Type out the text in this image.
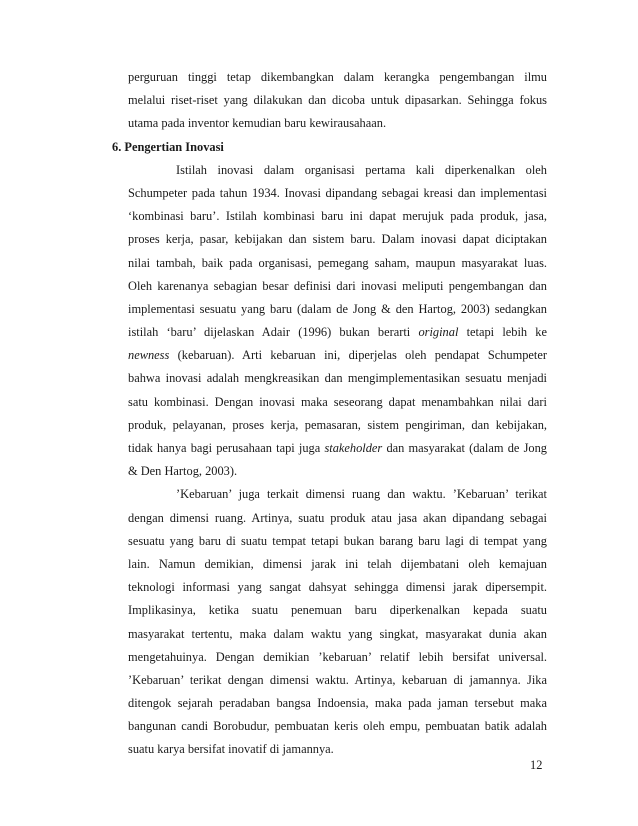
perguruan tinggi tetap dikembangkan dalam kerangka pengembangan ilmu
melalui riset-riset yang dilakukan dan dicoba untuk dipasarkan. Sehingga fokus
utama pada inventor kemudian baru kewirausahaan.
6. Pengertian Inovasi
Istilah inovasi dalam organisasi pertama kali diperkenalkan oleh
Schumpeter pada tahun 1934. Inovasi dipandang sebagai kreasi dan implementasi
‘kombinasi baru’. Istilah kombinasi baru ini dapat merujuk pada produk, jasa,
proses kerja, pasar, kebijakan dan sistem baru. Dalam inovasi dapat diciptakan
nilai tambah, baik pada organisasi, pemegang saham, maupun masyarakat luas.
Oleh karenanya sebagian besar definisi dari inovasi meliputi pengembangan dan
implementasi sesuatu yang baru (dalam de Jong & den Hartog, 2003) sedangkan
istilah ‘baru’ dijelaskan Adair (1996) bukan berarti original tetapi lebih ke
newness (kebaruan). Arti kebaruan ini, diperjelas oleh pendapat Schumpeter
bahwa inovasi adalah mengkreasikan dan mengimplementasikan sesuatu menjadi
satu kombinasi. Dengan inovasi maka seseorang dapat menambahkan nilai dari
produk, pelayanan, proses kerja, pemasaran, sistem pengiriman, dan kebijakan,
tidak hanya bagi perusahaan tapi juga stakeholder dan masyarakat (dalam de Jong
& Den Hartog, 2003).
’Kebaruan’ juga terkait dimensi ruang dan waktu. ’Kebaruan’ terikat
dengan dimensi ruang. Artinya, suatu produk atau jasa akan dipandang sebagai
sesuatu yang baru di suatu tempat tetapi bukan barang baru lagi di tempat yang
lain. Namun demikian, dimensi jarak ini telah dijembatani oleh kemajuan
teknologi informasi yang sangat dahsyat sehingga dimensi jarak dipersempit.
Implikasinya, ketika suatu penemuan baru diperkenalkan kepada suatu
masyarakat tertentu, maka dalam waktu yang singkat, masyarakat dunia akan
mengetahuinya. Dengan demikian ’kebaruan’ relatif lebih bersifat universal.
’Kebaruan’ terikat dengan dimensi waktu. Artinya, kebaruan di jamannya. Jika
ditengok sejarah peradaban bangsa Indoensia, maka pada jaman tersebut maka
bangunan candi Borobudur, pembuatan keris oleh empu, pembuatan batik adalah
suatu karya bersifat inovatif di jamannya.
12
